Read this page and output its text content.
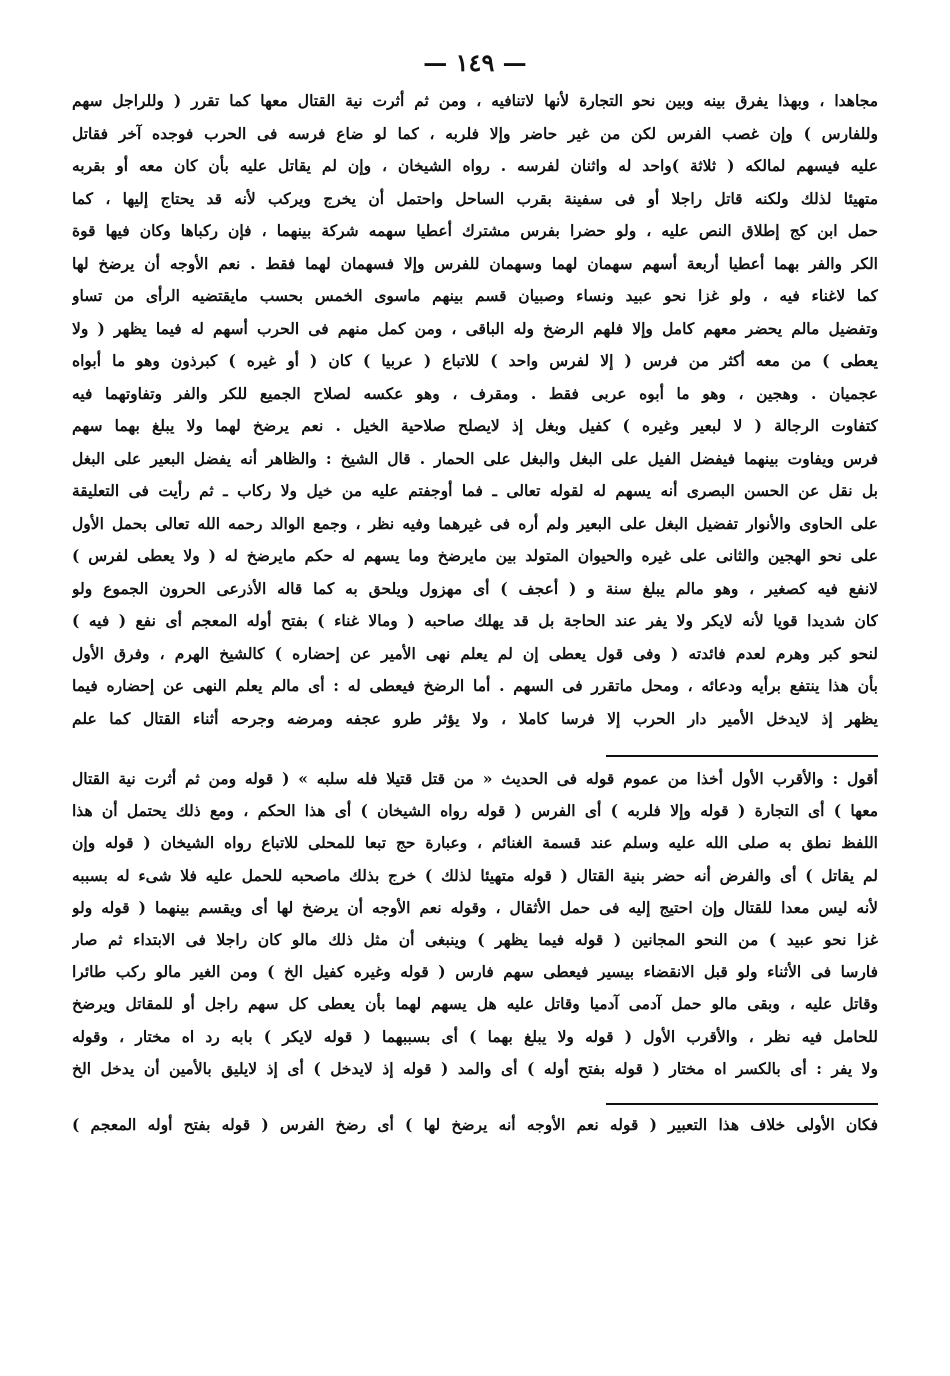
— ١٤٩ —
مجاهدا ، وبهذا يفرق بينه وبين نحو التجارة لأنها لاتنافيه ، ومن ثم أثرت نية القتال معها كما تقرر ( وللراجل سهم
وللفارس ) وإن غصب الفرس لكن من غير حاضر وإلا فلربه ، كما لو ضاع فرسه فى الحرب فوجده آخر فقاتل
عليه فيسهم لمالكه ( ثلاثة )واحد له واثنان لفرسه . رواه الشيخان ، وإن لم يقاتل عليه بأن كان معه أو بقربه
متهيئا لذلك ولكنه قاتل راجلا أو فى سفينة بقرب الساحل واحتمل أن يخرج ويركب لأنه قد يحتاج إليها ، كما
حمل ابن كج إطلاق النص عليه ، ولو حضرا بفرس مشترك أعطيا سهمه شركة بينهما ، فإن ركباها وكان فيها قوة
الكر والفر بهما أعطيا أربعة أسهم سهمان لهما وسهمان للفرس وإلا فسهمان لهما فقط . نعم الأوجه أن يرضخ لها
كما لاغناء فيه ، ولو غزا نحو عبيد ونساء وصبيان قسم بينهم ماسوى الخمس بحسب مايقتضيه الرأى من تساو
وتفضيل مالم يحضر معهم كامل وإلا فلهم الرضخ وله الباقى ، ومن كمل منهم فى الحرب أسهم له فيما يظهر ( ولا
يعطى ) من معه أكثر من فرس ( إلا لفرس واحد ) للاتباع ( عربيا ) كان ( أو غيره ) كبرذون وهو ما أبواه
عجميان . وهجين ، وهو ما أبوه عربى فقط . ومقرف ، وهو عكسه لصلاح الجميع للكر والفر وتفاوتهما فيه
كتفاوت الرجالة ( لا لبعير وغيره ) كفيل وبغل إذ لايصلح صلاحية الخيل . نعم يرضخ لهما ولا يبلغ بهما سهم
فرس ويفاوت بينهما فيفضل الفيل على البغل والبغل على الحمار . قال الشيخ : والظاهر أنه يفضل البعير على البغل
بل نقل عن الحسن البصرى أنه يسهم له لقوله تعالى ـ فما أوجفتم عليه من خيل ولا ركاب ـ ثم رأيت فى التعليقة
على الحاوى والأنوار تفضيل البغل على البعير ولم أره فى غيرهما وفيه نظر ، وجمع الوالد رحمه الله تعالى بحمل الأول
على نحو الهجين والثانى على غيره والحيوان المتولد بين مايرضخ وما يسهم له حكم مايرضخ له ( ولا يعطى لفرس )
لانفع فيه كصغير ، وهو مالم يبلغ سنة و ( أعجف ) أى مهزول ويلحق به كما قاله الأذرعى الحرون الجموع ولو
كان شديدا قويا لأنه لايكر ولا يفر عند الحاجة بل قد يهلك صاحبه ( ومالا غناء ) بفتح أوله المعجم أى نفع ( فيه )
لنحو كبر وهرم لعدم فائدته ( وفى قول يعطى إن لم يعلم نهى الأمير عن إحضاره ) كالشيخ الهرم ، وفرق الأول
بأن هذا ينتفع برأيه ودعائه ، ومحل ماتقرر فى السهم . أما الرضخ فيعطى له : أى مالم يعلم النهى عن إحضاره فيما
يظهر إذ لايدخل الأمير دار الحرب إلا فرسا كاملا ، ولا يؤثر طرو عجفه ومرضه وجرحه أثناء القتال كما علم
أقول : والأقرب الأول أخذا من عموم قوله فى الحديث « من قتل قتيلا فله سلبه » ( قوله ومن ثم أثرت نية القتال
معها ) أى التجارة ( قوله وإلا فلربه ) أى الفرس ( قوله رواه الشيخان ) أى هذا الحكم ، ومع ذلك يحتمل أن هذا
اللفظ نطق به صلى الله عليه وسلم عند قسمة الغنائم ، وعبارة حج تبعا للمحلى للاتباع رواه الشيخان ( قوله وإن
لم يقاتل ) أى والفرض أنه حضر بنية القتال ( قوله متهيئا لذلك ) خرج بذلك ماصحبه للحمل عليه فلا شىء له بسببه
لأنه ليس معدا للقتال وإن احتيج إليه فى حمل الأثقال ، وقوله نعم الأوجه أن يرضخ لها أى ويقسم بينهما ( قوله ولو
غزا نحو عبيد ) من النحو المجانين ( قوله فيما يظهر ) وينبغى أن مثل ذلك مالو كان راجلا فى الابتداء ثم صار
فارسا فى الأثناء ولو قبل الانقضاء بيسير فيعطى سهم فارس ( قوله وغيره كفيل الخ ) ومن الغير مالو ركب طائرا
وقاتل عليه ، وبقى مالو حمل آدمى آدميا وقاتل عليه هل يسهم لهما بأن يعطى كل سهم راجل أو للمقاتل ويرضخ
للحامل فيه نظر ، والأقرب الأول ( قوله ولا يبلغ بهما ) أى بسببهما ( قوله لايكر ) بابه رد اه مختار ، وقوله
ولا يفر : أى بالكسر اه مختار ( قوله بفتح أوله ) أى والمد ( قوله إذ لايدخل ) أى إذ لايليق بالأمين أن يدخل الخ
فكان الأولى خلاف هذا التعبير ( قوله نعم الأوجه أنه يرضخ لها ) أى رضخ الفرس ( قوله بفتح أوله المعجم )
